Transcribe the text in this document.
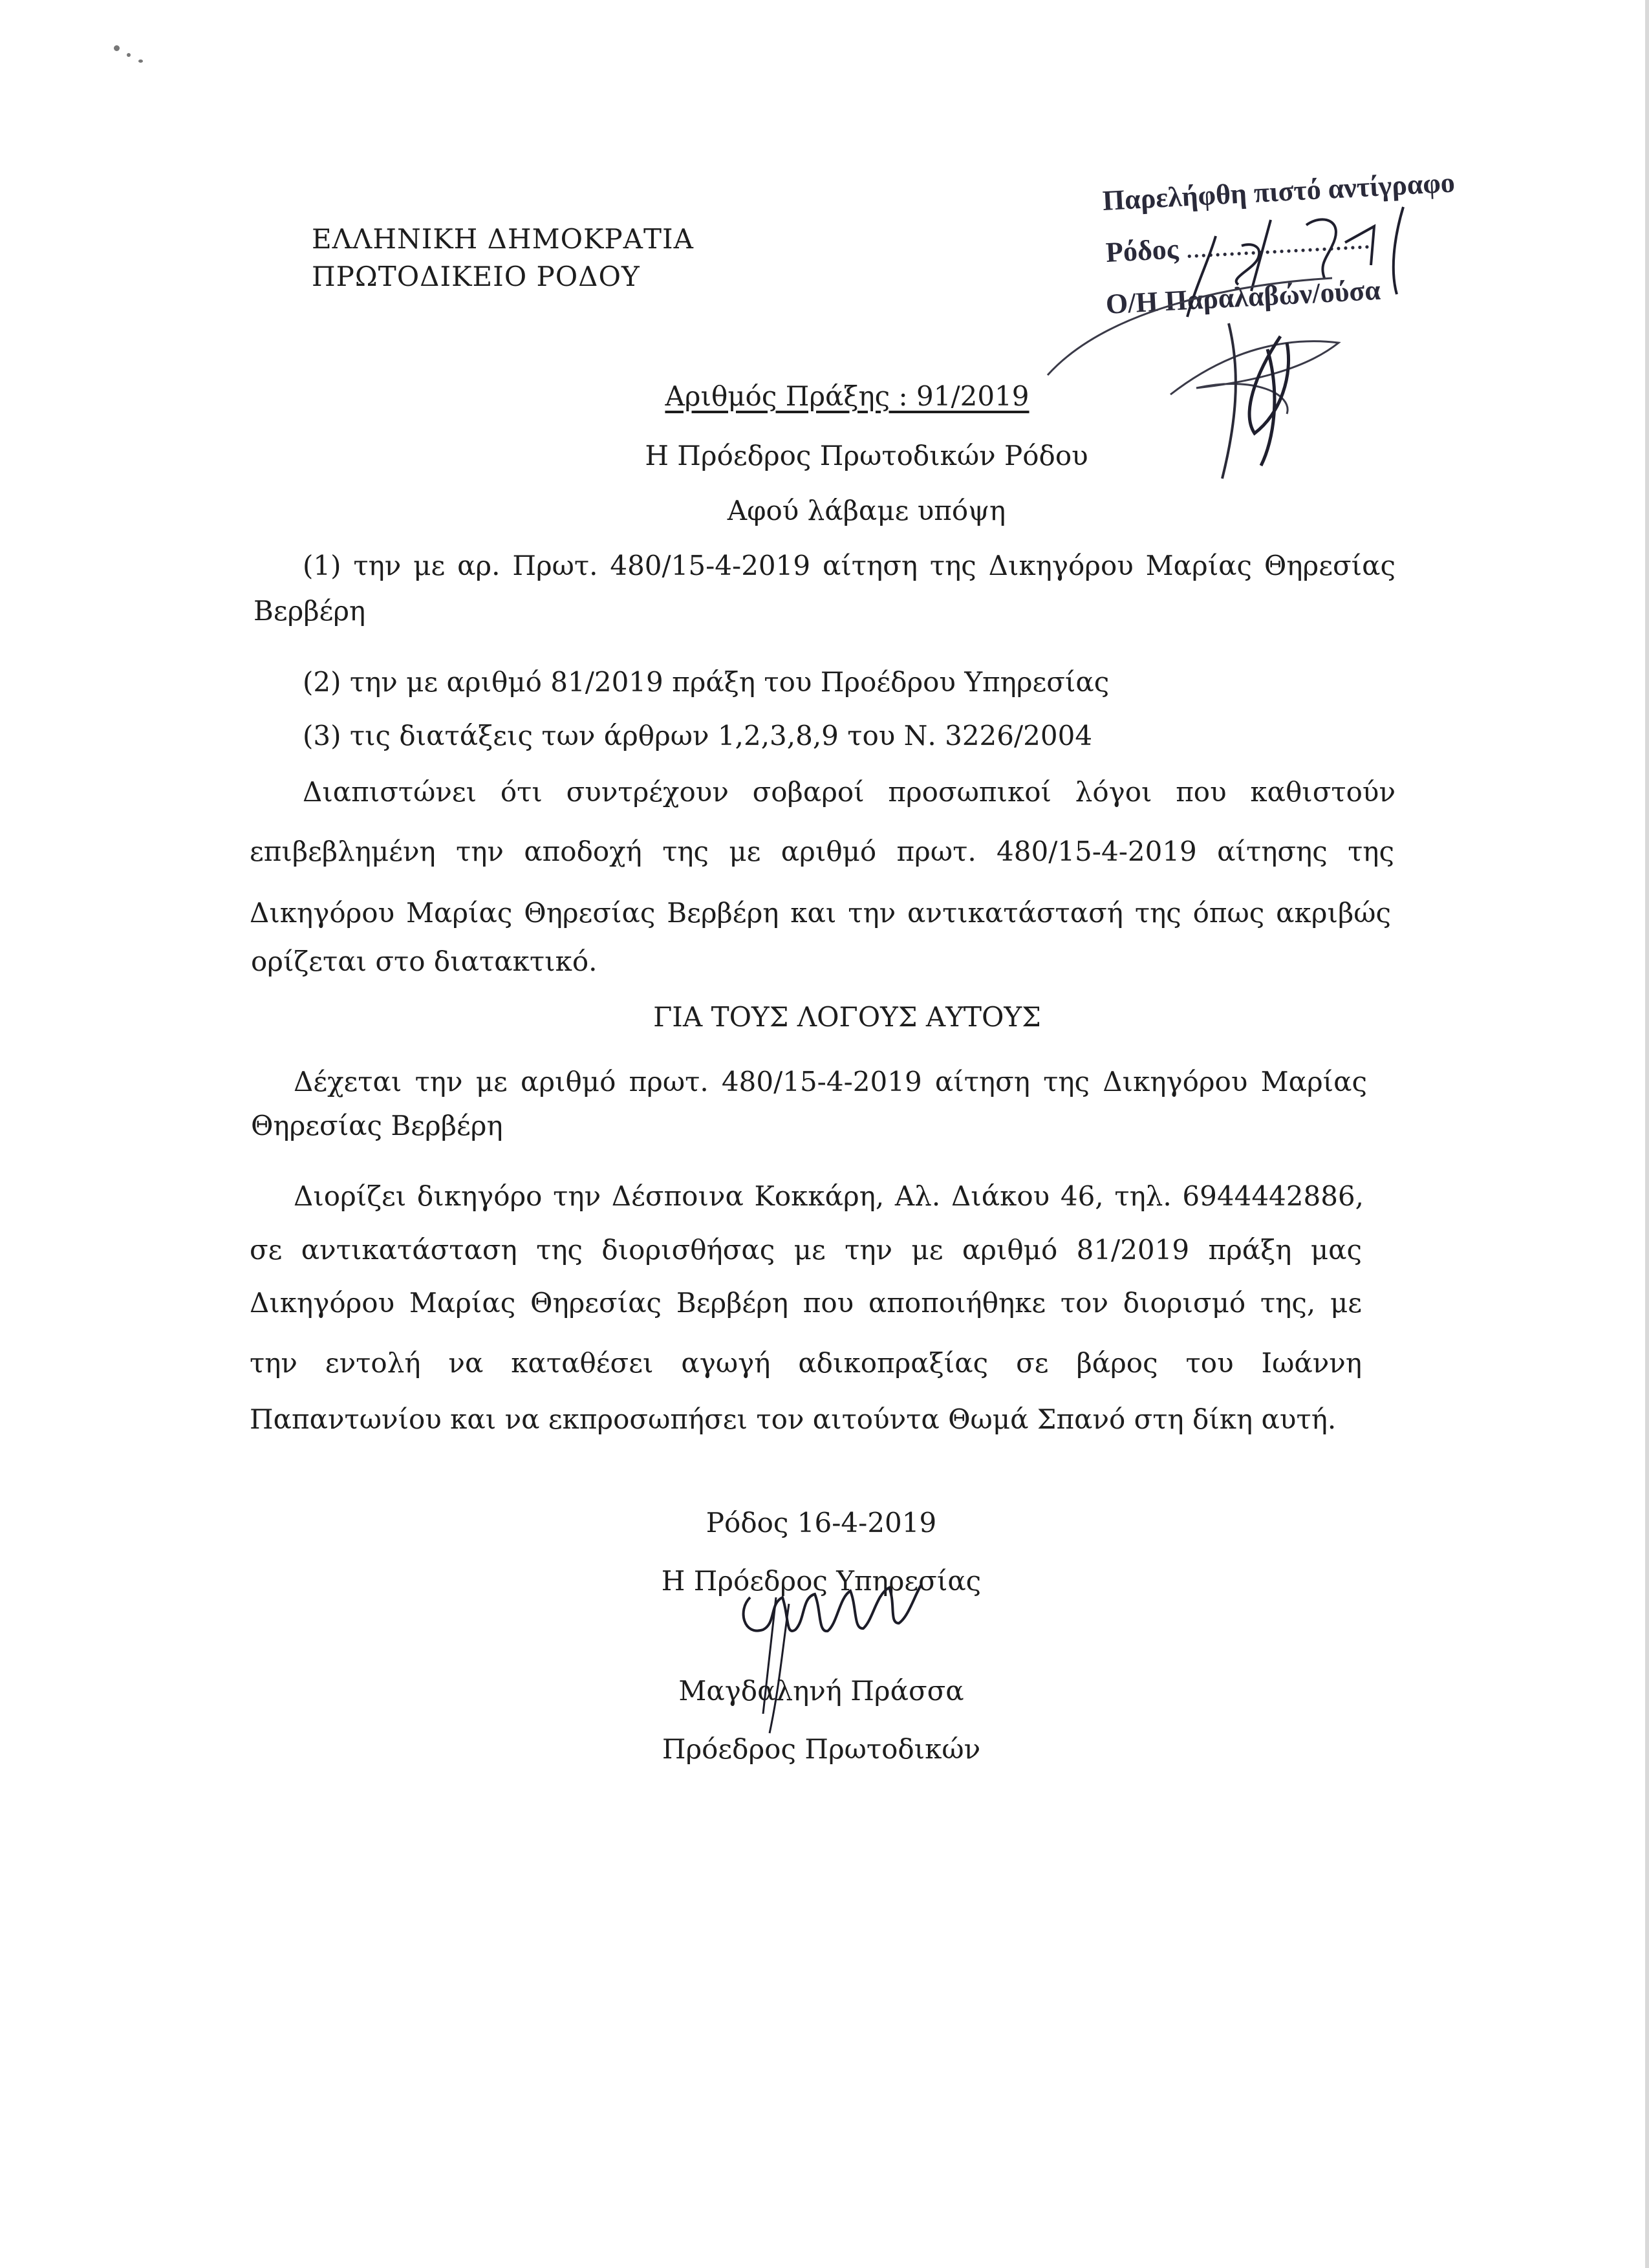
ΕΛΛΗΝΙΚΗ ΔΗΜΟΚΡΑΤΙΑ
ΠΡΩΤΟΔΙΚΕΙΟ ΡΟΔΟΥ
Παρελήφθη πιστό αντίγραφο
Ρόδος ..........................
Ο/Η Παραλαβών/ούσα
Αριθμός Πράξης : 91/2019
Η Πρόεδρος Πρωτοδικών Ρόδου
Αφού λάβαμε υπόψη
(1) την με αρ. Πρωτ. 480/15-4-2019 αίτηση της Δικηγόρου Μαρίας Θηρεσίας
Βερβέρη
(2) την με αριθμό 81/2019 πράξη του Προέδρου Υπηρεσίας
(3) τις διατάξεις των άρθρων 1,2,3,8,9 του Ν. 3226/2004
Διαπιστώνει ότι συντρέχουν σοβαροί προσωπικοί λόγοι που καθιστούν
επιβεβλημένη την αποδοχή της με αριθμό πρωτ. 480/15-4-2019 αίτησης της
Δικηγόρου Μαρίας Θηρεσίας Βερβέρη και την αντικατάστασή της όπως ακριβώς
ορίζεται στο διατακτικό.
ΓΙΑ ΤΟΥΣ ΛΟΓΟΥΣ ΑΥΤΟΥΣ
Δέχεται την με αριθμό πρωτ. 480/15-4-2019 αίτηση της Δικηγόρου Μαρίας
Θηρεσίας Βερβέρη
Διορίζει δικηγόρο την Δέσποινα Κοκκάρη, Αλ. Διάκου 46, τηλ. 6944442886,
σε αντικατάσταση της διορισθήσας με την με αριθμό 81/2019 πράξη μας
Δικηγόρου Μαρίας Θηρεσίας Βερβέρη που αποποιήθηκε τον διορισμό της, με
την εντολή να καταθέσει αγωγή αδικοπραξίας σε βάρος του Ιωάννη
Παπαντωνίου και να εκπροσωπήσει τον αιτούντα Θωμά Σπανό στη δίκη αυτή.
Ρόδος 16-4-2019
Η Πρόεδρος Υπηρεσίας
Μαγδαληνή Πράσσα
Πρόεδρος Πρωτοδικών
